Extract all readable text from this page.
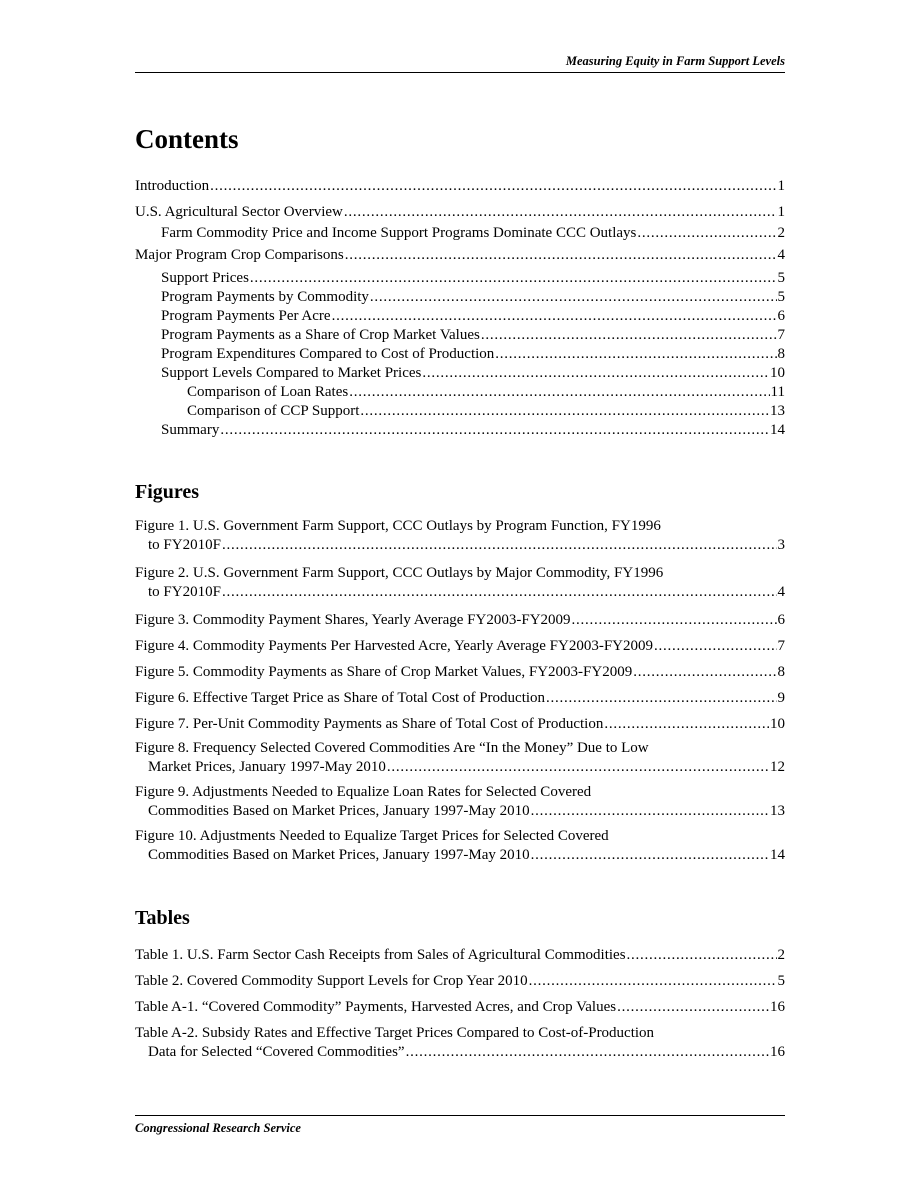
Measuring Equity in Farm Support Levels
Contents
Introduction . . .	1
U.S. Agricultural Sector Overview . . .	1
Farm Commodity Price and Income Support Programs Dominate CCC Outlays . . .	2
Major Program Crop Comparisons . . .	4
Support Prices . . .	5
Program Payments by Commodity . . .	5
Program Payments Per Acre . . .	6
Program Payments as a Share of Crop Market Values . . .	7
Program Expenditures Compared to Cost of Production . . .	8
Support Levels Compared to Market Prices . . .	10
Comparison of Loan Rates . . .	11
Comparison of CCP Support . . .	13
Summary . . .	14
Figures
Figure 1. U.S. Government Farm Support, CCC Outlays by Program Function, FY1996
to FY2010F . . .	3
Figure 2. U.S. Government Farm Support, CCC Outlays by Major Commodity, FY1996
to FY2010F . . .	4
Figure 3. Commodity Payment Shares, Yearly Average FY2003-FY2009 . . .	6
Figure 4. Commodity Payments Per Harvested Acre, Yearly Average FY2003-FY2009 . . .	7
Figure 5. Commodity Payments as Share of Crop Market Values, FY2003-FY2009 . . .	8
Figure 6. Effective Target Price as Share of Total Cost of Production . . .	9
Figure 7. Per-Unit Commodity Payments as Share of Total Cost of Production . . .	10
Figure 8. Frequency Selected Covered Commodities Are “In the Money” Due to Low
Market Prices, January 1997-May 2010 . . .	12
Figure 9. Adjustments Needed to Equalize Loan Rates for Selected Covered
Commodities Based on Market Prices, January 1997-May 2010 . . .	13
Figure 10. Adjustments Needed to Equalize Target Prices for Selected Covered
Commodities Based on Market Prices, January 1997-May 2010 . . .	14
Tables
Table 1. U.S. Farm Sector Cash Receipts from Sales of Agricultural Commodities . . .	2
Table 2. Covered Commodity Support Levels for Crop Year 2010 . . .	5
Table A-1. “Covered Commodity” Payments, Harvested Acres, and Crop Values . . .	16
Table A-2. Subsidy Rates and Effective Target Prices Compared to Cost-of-Production
Data for Selected “Covered Commodities” . . .	16
Congressional Research Service
